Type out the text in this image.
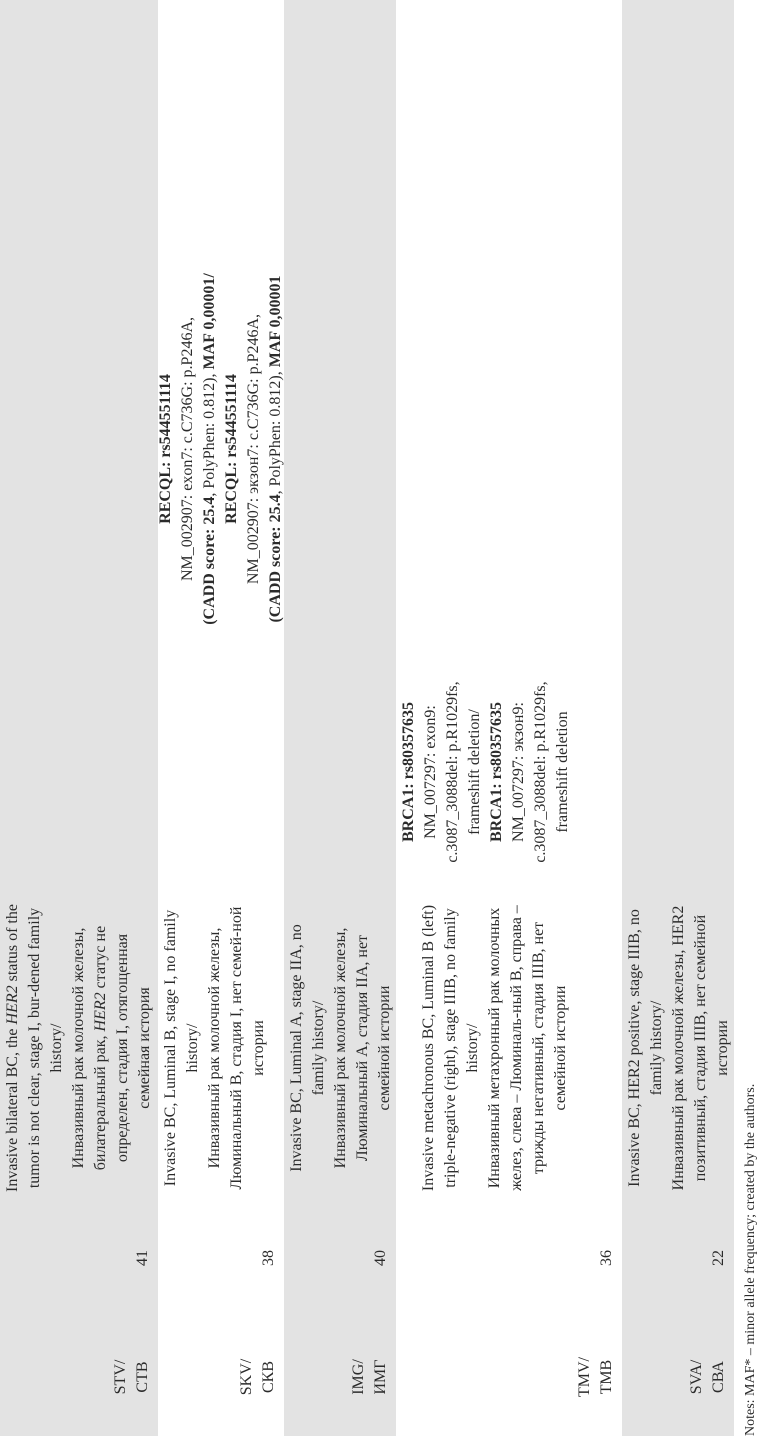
STV/ СТВ
41

Invasive bilateral BC, the HER2 status of the tumor is not clear, stage I, bur-dened family history/ Инвазивный рак молочной железы, билатеральный рак, HER2 статус не определен, стадия I, отягощенная семейная история

SKV/ СКВ
38

Invasive BC, Luminal B, stage I, no family history/ Инвазивный рак молочной железы, Люминальный B, стадия I, нет семей-ной истории

RECQL: rs544551114 NM_002907: exon7: c.C736G: p.P246A, (CADD score: 25.4, PolyPhen: 0.812), MAF 0,00001/

RECQL: rs544551114 NM_002907: экзон7: c.C736G: p.P246A, (CADD score: 25.4, PolyPhen: 0.812), MAF 0,00001

IMG/ ИМГ
40

Invasive BC, Luminal A, stage IIA, no family history/ Инвазивный рак молочной железы, Люминальный A, стадия IIA, нет семейной истории

TMV/ ТМВ
36

Invasive metachronous BC, Luminal B (left) triple-negative (right), stage IIIB, no family history/ Инвазивный метахронный рак молочных желез, слева – Люминаль-ный B, справа – трижды негативный, стадия IIIB, нет семейной истории

BRCA1: rs80357635 NM_007297: exon9: c.3087_3088del: p.R1029fs, frameshift deletion/ BRCA1: rs80357635 NM_007297: экзон9: c.3087_3088del: p.R1029fs, frameshift deletion

SVA/ СВА
22

Invasive BC, HER2 positive, stage IIIB, no family history/ Инвазивный рак молочной железы, HER2 позитивный, стадия IIIB, нет семейной истории

Notes: MAF* – minor allele frequency; created by the authors.
